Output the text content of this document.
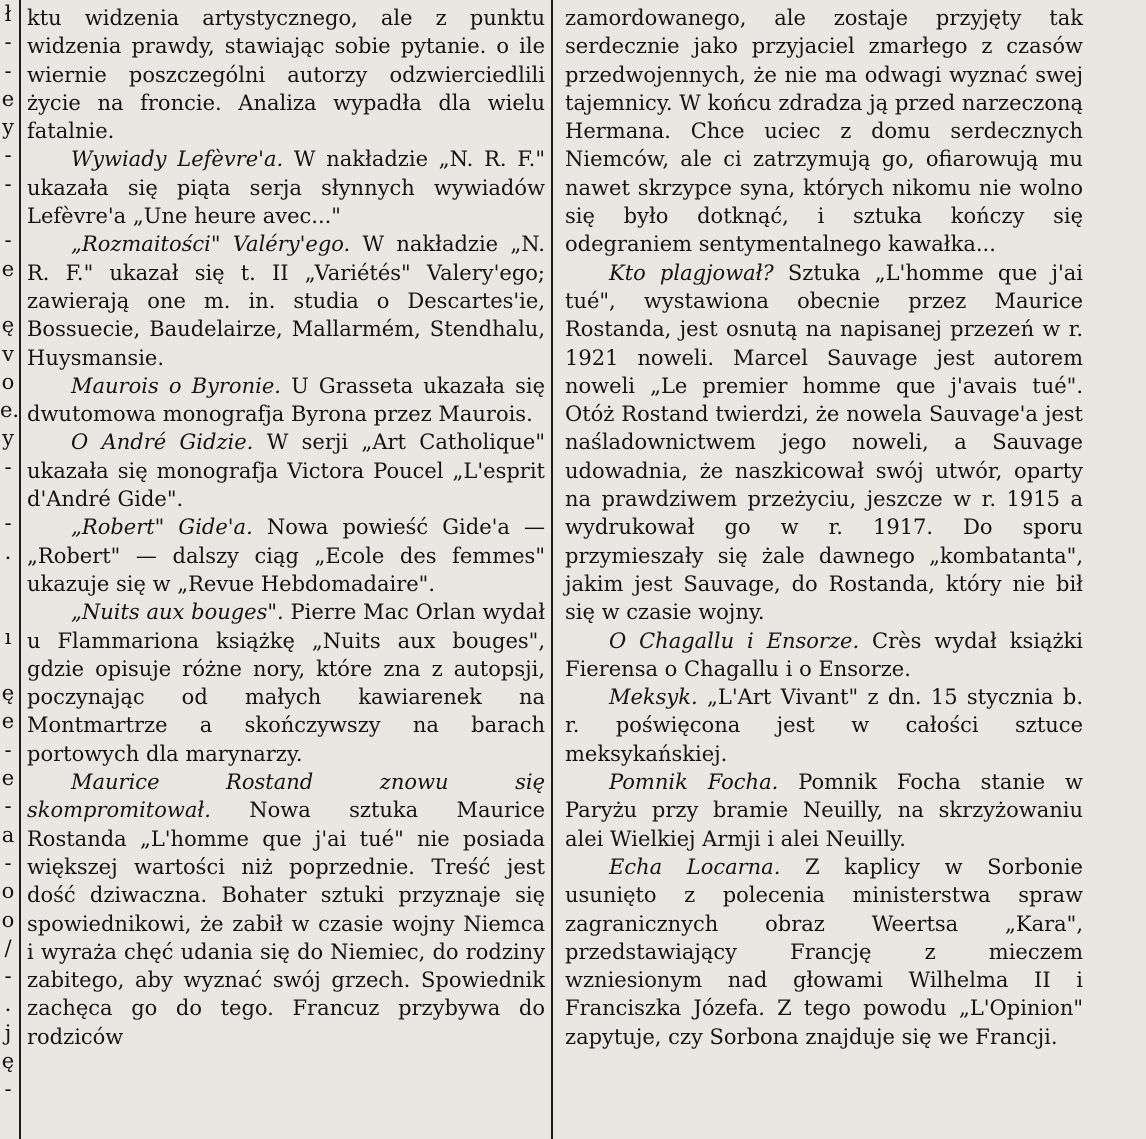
ł
-
-
e
y
-
-
-
e
ę
v
o
e.
y
-
-
.
ı
ę
e
-
e
-
a
-
o
o
/
-
.
j
ę
-

ktu widzenia artystycznego, ale z punktu widzenia prawdy, stawiając sobie pytanie. o ile wiernie poszczególni autorzy odzwierciedlili życie na froncie. Analiza wypadła dla wielu fatalnie.

Wywiady Lefèvre'a. W nakładzie „N. R. F." ukazała się piąta serja słynnych wywiadów Lefèvre'a „Une heure avec..."

„Rozmaitości" Valéry'ego. W nakładzie „N. R. F." ukazał się t. II „Variétés" Valery'ego; zawierają one m. in. studia o Descartes'ie, Bossuecie, Baudelairze, Mallarmém, Stendhalu, Huysmansie.

Maurois o Byronie. U Grasseta ukazała się dwutomowa monografja Byrona przez Maurois.

O André Gidzie. W serji „Art Catholique" ukazała się monografja Victora Poucel „L'esprit d'André Gide".

„Robert" Gide'a. Nowa powieść Gide'a — „Robert" — dalszy ciąg „Ecole des femmes" ukazuje się w „Revue Hebdomadaire".

„Nuits aux bouges". Pierre Mac Orlan wydał u Flammariona książkę „Nuits aux bouges", gdzie opisuje różne nory, które zna z autopsji, poczynając od małych kawiarenek na Montmartrze a skończywszy na barach portowych dla marynarzy.

Maurice Rostand znowu się skompromitował. Nowa sztuka Maurice Rostanda „L'homme que j'ai tué" nie posiada większej wartości niż poprzednie. Treść jest dość dziwaczna. Bohater sztuki przyznaje się spowiednikowi, że zabił w czasie wojny Niemca i wyraża chęć udania się do Niemiec, do rodziny zabitego, aby wyznać swój grzech. Spowiednik zachęca go do tego. Francuz przybywa do rodziców

zamordowanego, ale zostaje przyjęty tak serdecznie jako przyjaciel zmarłego z czasów przedwojennych, że nie ma odwagi wyznać swej tajemnicy. W końcu zdradza ją przed narzeczoną Hermana. Chce uciec z domu serdecznych Niemców, ale ci zatrzymują go, ofiarowują mu nawet skrzypce syna, których nikomu nie wolno się było dotknąć, i sztuka kończy się odegraniem sentymentalnego kawałka...

Kto plagjował? Sztuka „L'homme que j'ai tué", wystawiona obecnie przez Maurice Rostanda, jest osnutą na napisanej przezeń w r. 1921 noweli. Marcel Sauvage jest autorem noweli „Le premier homme que j'avais tué". Otóż Rostand twierdzi, że nowela Sauvage'a jest naśladownictwem jego noweli, a Sauvage udowadnia, że naszkicował swój utwór, oparty na prawdziwem przeżyciu, jeszcze w r. 1915 a wydrukował go w r. 1917. Do sporu przymieszały się żale dawnego „kombatanta", jakim jest Sauvage, do Rostanda, który nie bił się w czasie wojny.

O Chagallu i Ensorze. Crès wydał książki Fierensa o Chagallu i o Ensorze.

Meksyk. „L'Art Vivant" z dn. 15 stycznia b. r. poświęcona jest w całości sztuce meksykańskiej.

Pomnik Focha. Pomnik Focha stanie w Paryżu przy bramie Neuilly, na skrzyżowaniu alei Wielkiej Armji i alei Neuilly.

Echa Locarna. Z kaplicy w Sorbonie usunięto z polecenia ministerstwa spraw zagranicznych obraz Weertsa „Kara", przedstawiający Francję z mieczem wzniesionym nad głowami Wilhelma II i Franciszka Józefa. Z tego powodu „L'Opinion" zapytuje, czy Sorbona znajduje się we Francji.
